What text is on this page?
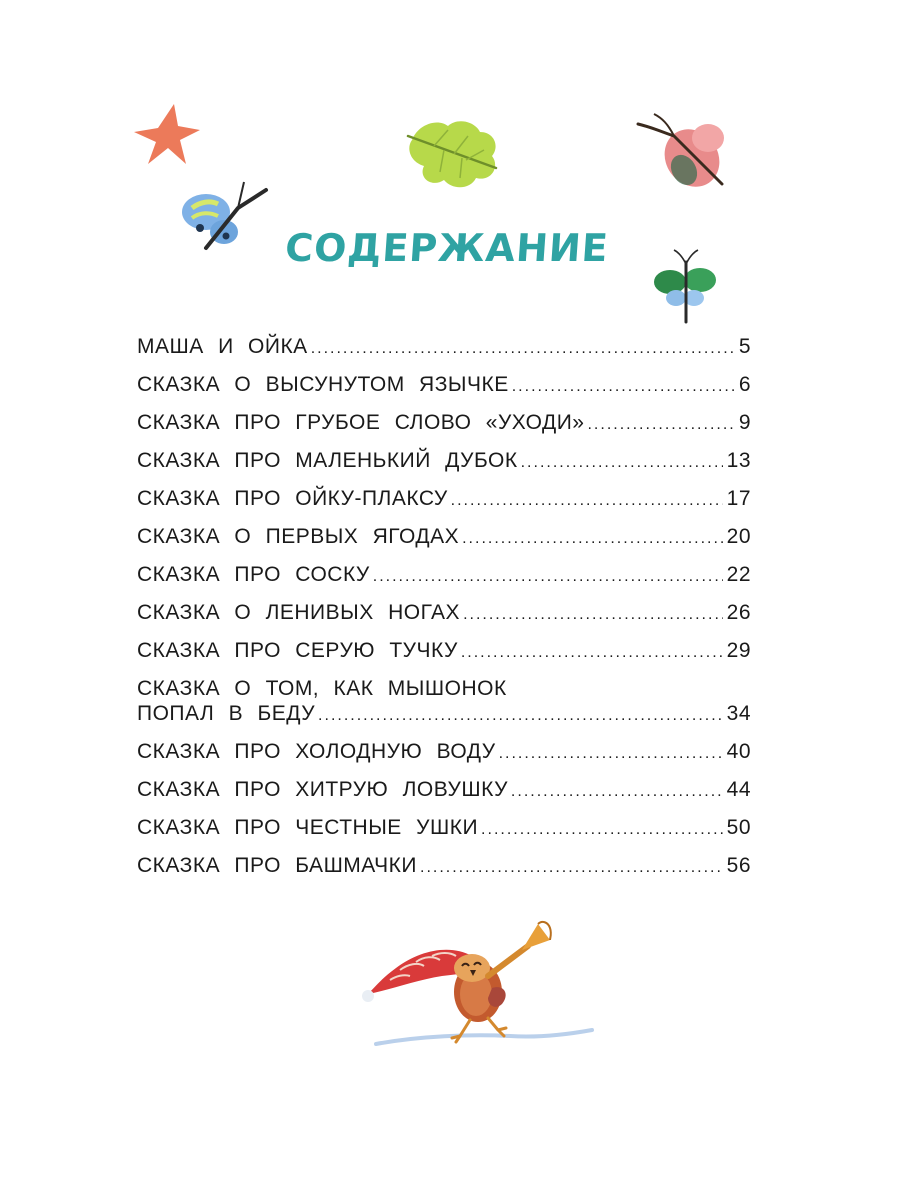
СОДЕРЖАНИЕ
МАША И ОЙКА .....	5
СКАЗКА О ВЫСУНУТОМ ЯЗЫЧКЕ .....	6
СКАЗКА ПРО ГРУБОЕ СЛОВО «УХОДИ» .....	9
СКАЗКА ПРО МАЛЕНЬКИЙ ДУБОК .....	13
СКАЗКА ПРО ОЙКУ-ПЛАКСУ .....	17
СКАЗКА О ПЕРВЫХ ЯГОДАХ .....	20
СКАЗКА ПРО СОСКУ .....	22
СКАЗКА О ЛЕНИВЫХ НОГАХ .....	26
СКАЗКА ПРО СЕРУЮ ТУЧКУ .....	29
СКАЗКА О ТОМ, КАК МЫШОНОК
ПОПАЛ В БЕДУ .....	34
СКАЗКА ПРО ХОЛОДНУЮ ВОДУ .....	40
СКАЗКА ПРО ХИТРУЮ ЛОВУШКУ .....	44
СКАЗКА ПРО ЧЕСТНЫЕ УШКИ .....	50
СКАЗКА ПРО БАШМАЧКИ .....	56
